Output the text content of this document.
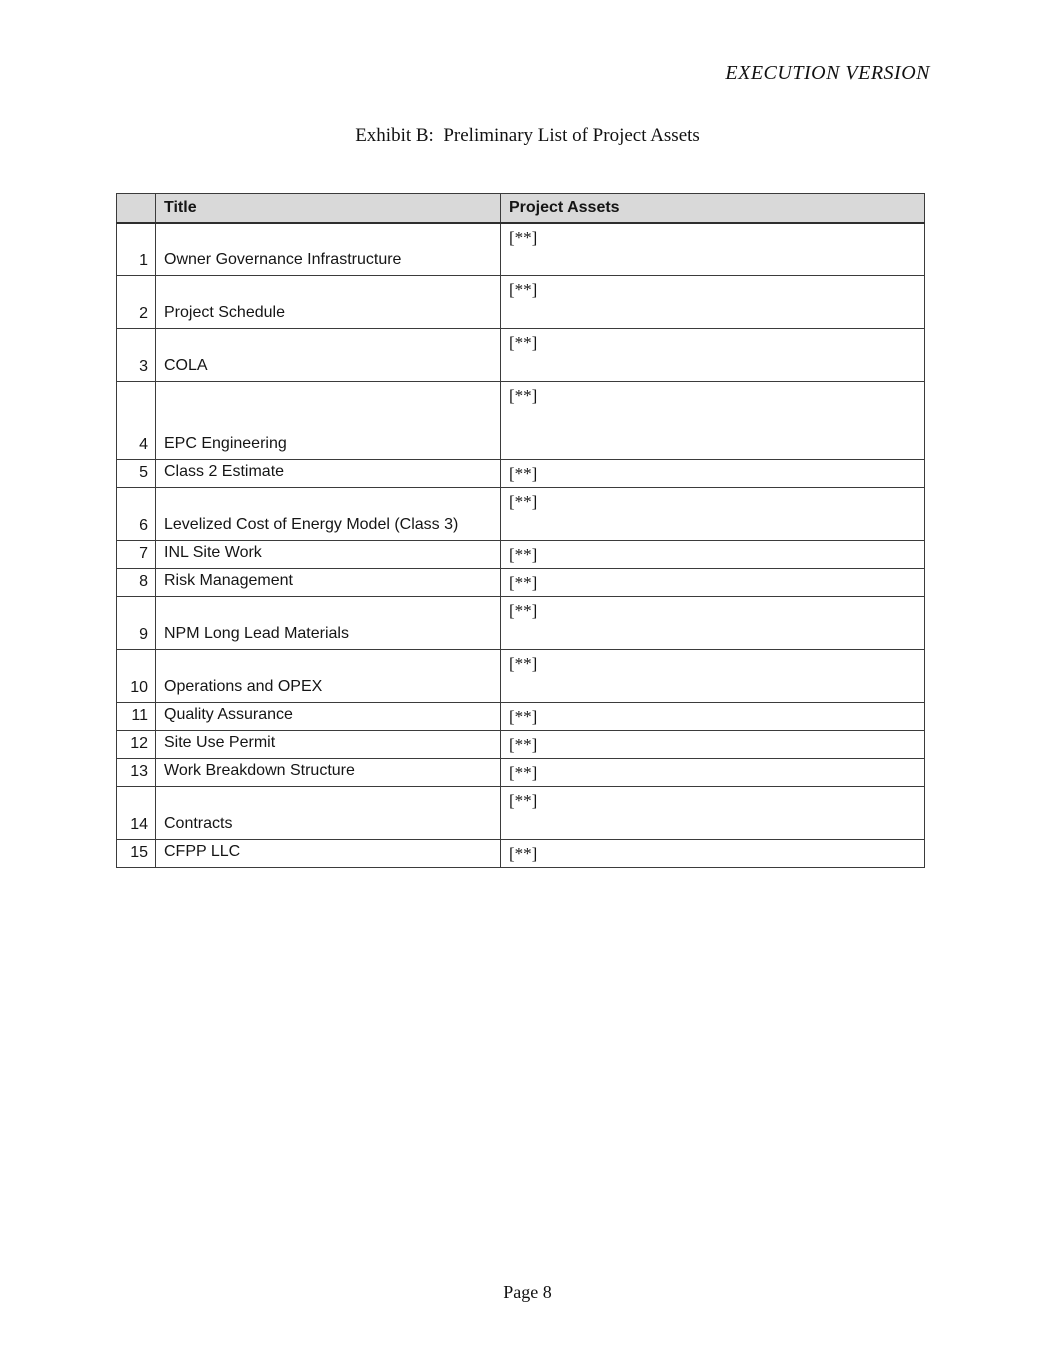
EXECUTION VERSION
Exhibit B:  Preliminary List of Project Assets
	Title	Project Assets
1	Owner Governance Infrastructure	[**]
2	Project Schedule	[**]
3	COLA	[**]
4	EPC Engineering	[**]
5	Class 2 Estimate	[**]
6	Levelized Cost of Energy Model (Class 3)	[**]
7	INL Site Work	[**]
8	Risk Management	[**]
9	NPM Long Lead Materials	[**]
10	Operations and OPEX	[**]
11	Quality Assurance	[**]
12	Site Use Permit	[**]
13	Work Breakdown Structure	[**]
14	Contracts	[**]
15	CFPP LLC	[**]
Page 8
